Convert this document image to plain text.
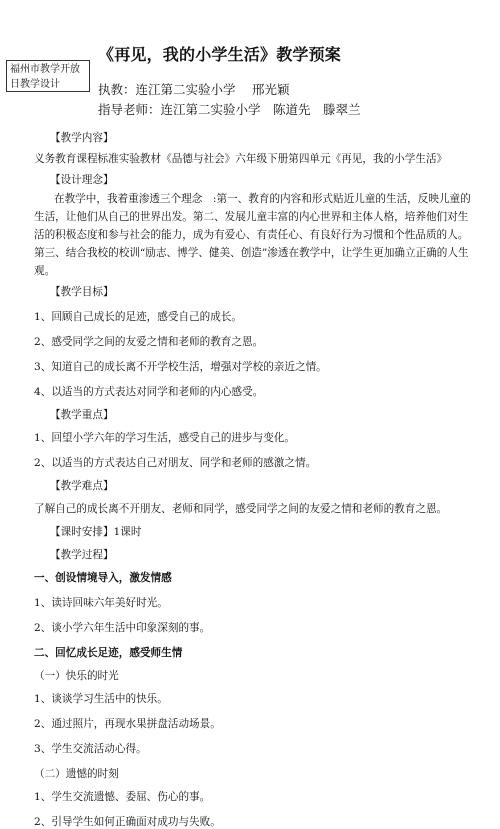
福州市教学开放
日教学设计
《再见，我的小学生活》教学预案
执教：连江第二实验小学　 邢光颖
指导老师：连江第二实验小学　陈道先　滕翠兰

【教学内容】

义务教育课程标准实验教材《品德与社会》六年级下册第四单元《再见，我的小学生活》

【设计理念】

在教学中，我着重渗透三个理念　:第一、教育的内容和形式贴近儿童的生活，反映儿童的生活，让他们从自己的世界出发。第二、发展儿童丰富的内心世界和主体人格，培养他们对生活的积极态度和参与社会的能力，成为有爱心、有责任心、有良好行为习惯和个性品质的人。第三、结合我校的校训“励志、博学、健美、创造”渗透在教学中，让学生更加确立正确的人生观。

【教学目标】

1、回顾自己成长的足迹，感受自己的成长。

2、感受同学之间的友爱之情和老师的教育之恩。

3、知道自己的成长离不开学校生活，增强对学校的亲近之情。

4、以适当的方式表达对同学和老师的内心感受。

【教学重点】

1、回望小学六年的学习生活，感受自己的进步与变化。

2、以适当的方式表达自己对朋友、同学和老师的感激之情。

【教学难点】

了解自己的成长离不开朋友、老师和同学，感受同学之间的友爱之情和老师的教育之恩。

【课时安排】1课时

【教学过程】

一、创设情境导入，激发情感

1、读诗回味六年美好时光。

2、谈小学六年生活中印象深刻的事。

二、回忆成长足迹，感受师生情

（一）快乐的时光

1、谈谈学习生活中的快乐。

2、通过照片，再现水果拼盘活动场景。

3、学生交流活动心得。

（二）遗憾的时刻

1、学生交流遗憾、委屈、伤心的事。

2、引导学生如何正确面对成功与失败。
